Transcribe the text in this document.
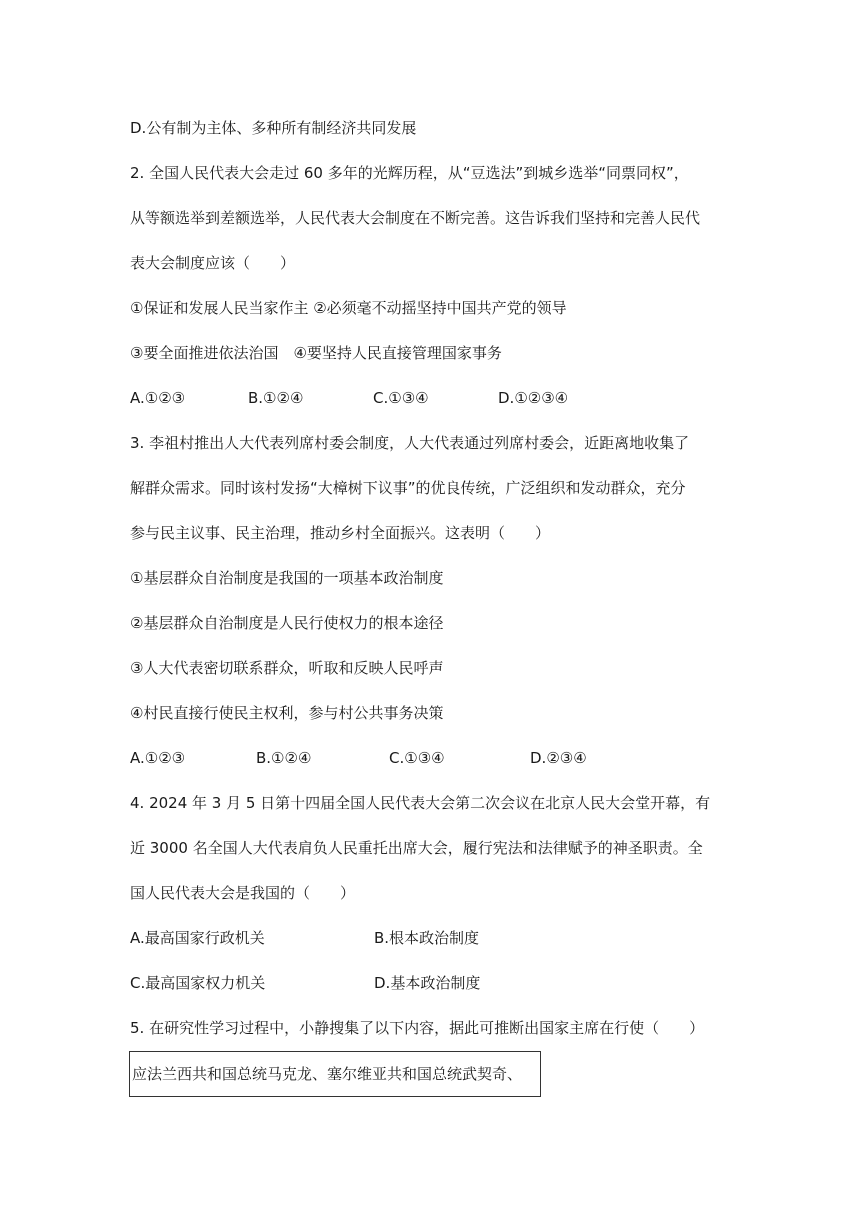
D.公有制为主体、多种所有制经济共同发展
2. 全国人民代表大会走过 60 多年的光辉历程，从“豆选法”到城乡选举“同票同权”，
从等额选举到差额选举，人民代表大会制度在不断完善。这告诉我们坚持和完善人民代
表大会制度应该（　　）
①保证和发展人民当家作主 ②必须毫不动摇坚持中国共产党的领导
③要全面推进依法治国　④要坚持人民直接管理国家事务
A.①②③	B.①②④	C.①③④	D.①②③④
3. 李祖村推出人大代表列席村委会制度，人大代表通过列席村委会，近距离地收集了
解群众需求。同时该村发扬“大樟树下议事”的优良传统，广泛组织和发动群众，充分
参与民主议事、民主治理，推动乡村全面振兴。这表明（　　）
①基层群众自治制度是我国的一项基本政治制度
②基层群众自治制度是人民行使权力的根本途径
③人大代表密切联系群众，听取和反映人民呼声
④村民直接行使民主权利，参与村公共事务决策
A.①②③	B.①②④	C.①③④	D.②③④
4. 2024 年 3 月 5 日第十四届全国人民代表大会第二次会议在北京人民大会堂开幕，有
近 3000 名全国人大代表肩负人民重托出席大会，履行宪法和法律赋予的神圣职责。全
国人民代表大会是我国的（　　）
A.最高国家行政机关	B.根本政治制度
C.最高国家权力机关	D.基本政治制度
5. 在研究性学习过程中，小静搜集了以下内容，据此可推断出国家主席在行使（　　）
应法兰西共和国总统马克龙、塞尔维亚共和国总统武契奇、
